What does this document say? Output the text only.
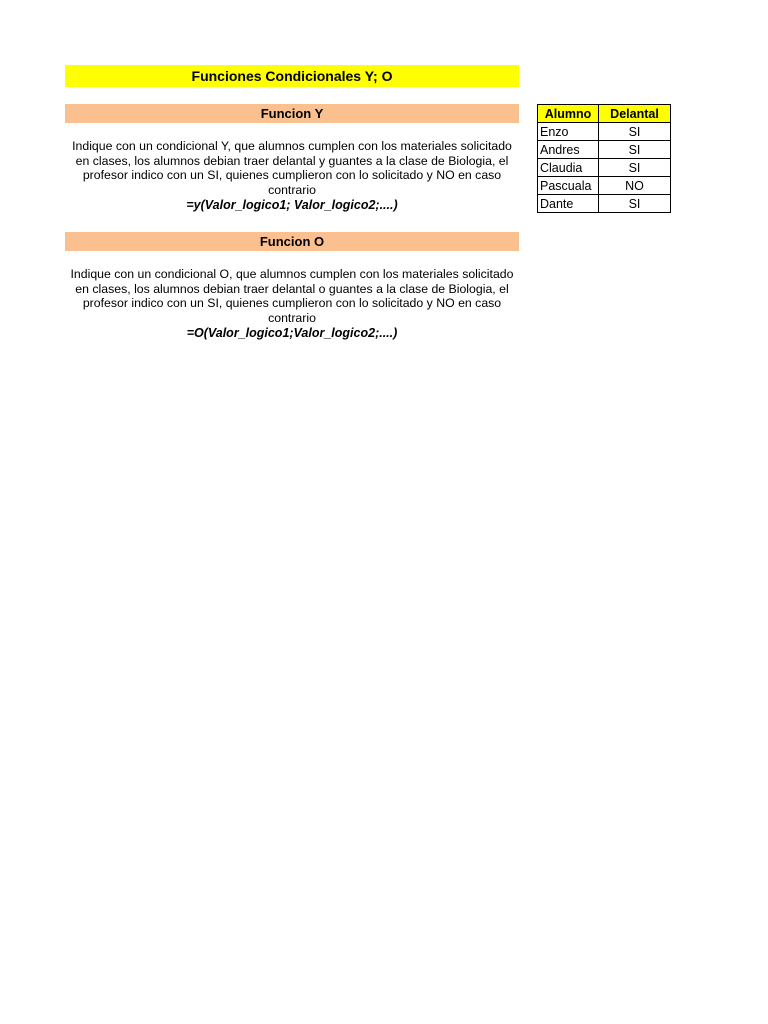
Funciones Condicionales Y; O
Funcion Y
Indique con un condicional Y, que alumnos cumplen con los materiales solicitado en clases, los alumnos debian traer delantal y guantes a la clase de Biologia, el profesor indico con un SI, quienes cumplieron con lo solicitado y NO en caso contrario
=y(Valor_logico1; Valor_logico2;....)
Funcion O
Indique con un condicional O, que alumnos cumplen con los materiales solicitado en clases, los alumnos debian traer delantal o guantes a la clase de Biologia, el profesor indico con un SI, quienes cumplieron con lo solicitado y NO en caso contrario
=O(Valor_logico1;Valor_logico2;....)
Alumno	Delantal
Enzo	SI
Andres	SI
Claudia	SI
Pascuala	NO
Dante	SI
